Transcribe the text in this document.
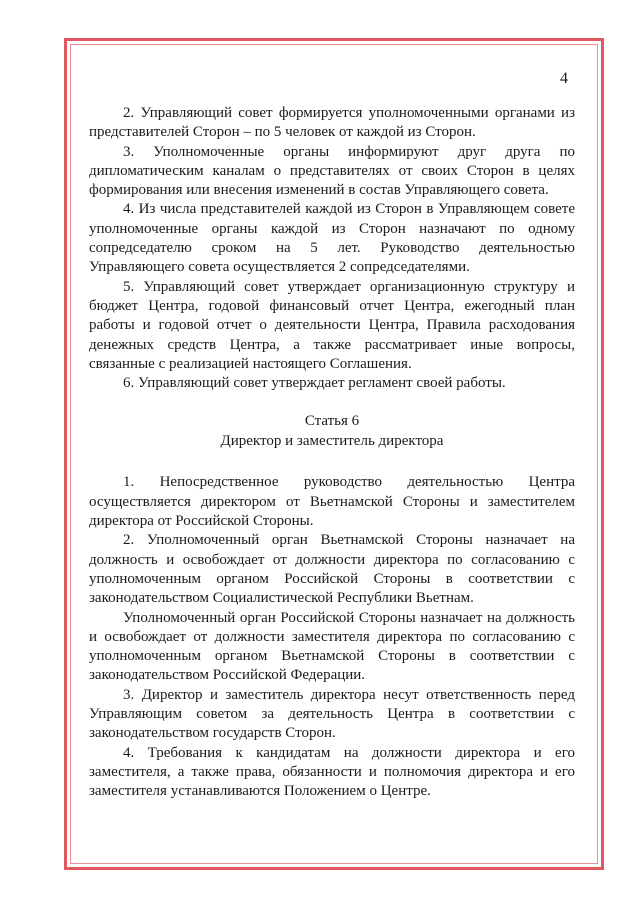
4

2. Управляющий совет формируется уполномоченными органами из представителей Сторон – по 5 человек от каждой из Сторон.

3. Уполномоченные органы информируют друг друга по дипломатическим каналам о представителях от своих Сторон в целях формирования или внесения изменений в состав Управляющего совета.

4. Из числа представителей каждой из Сторон в Управляющем совете уполномоченные органы каждой из Сторон назначают по одному сопредседателю сроком на 5 лет. Руководство деятельностью Управляющего совета осуществляется 2 сопредседателями.

5. Управляющий совет утверждает организационную структуру и бюджет Центра, годовой финансовый отчет Центра, ежегодный план работы и годовой отчет о деятельности Центра, Правила расходования денежных средств Центра, а также рассматривает иные вопросы, связанные с реализацией настоящего Соглашения.

6. Управляющий совет утверждает регламент своей работы.

Статья 6
Директор и заместитель директора

1. Непосредственное руководство деятельностью Центра осуществляется директором от Вьетнамской Стороны и заместителем директора от Российской Стороны.

2. Уполномоченный орган Вьетнамской Стороны назначает на должность и освобождает от должности директора по согласованию с уполномоченным органом Российской Стороны в соответствии с законодательством Социалистической Республики Вьетнам.

Уполномоченный орган Российской Стороны назначает на должность и освобождает от должности заместителя директора по согласованию с уполномоченным органом Вьетнамской Стороны в соответствии с законодательством Российской Федерации.

3. Директор и заместитель директора несут ответственность перед Управляющим советом за деятельность Центра в соответствии с законодательством государств Сторон.

4. Требования к кандидатам на должности директора и его заместителя, а также права, обязанности и полномочия директора и его заместителя устанавливаются Положением о Центре.
